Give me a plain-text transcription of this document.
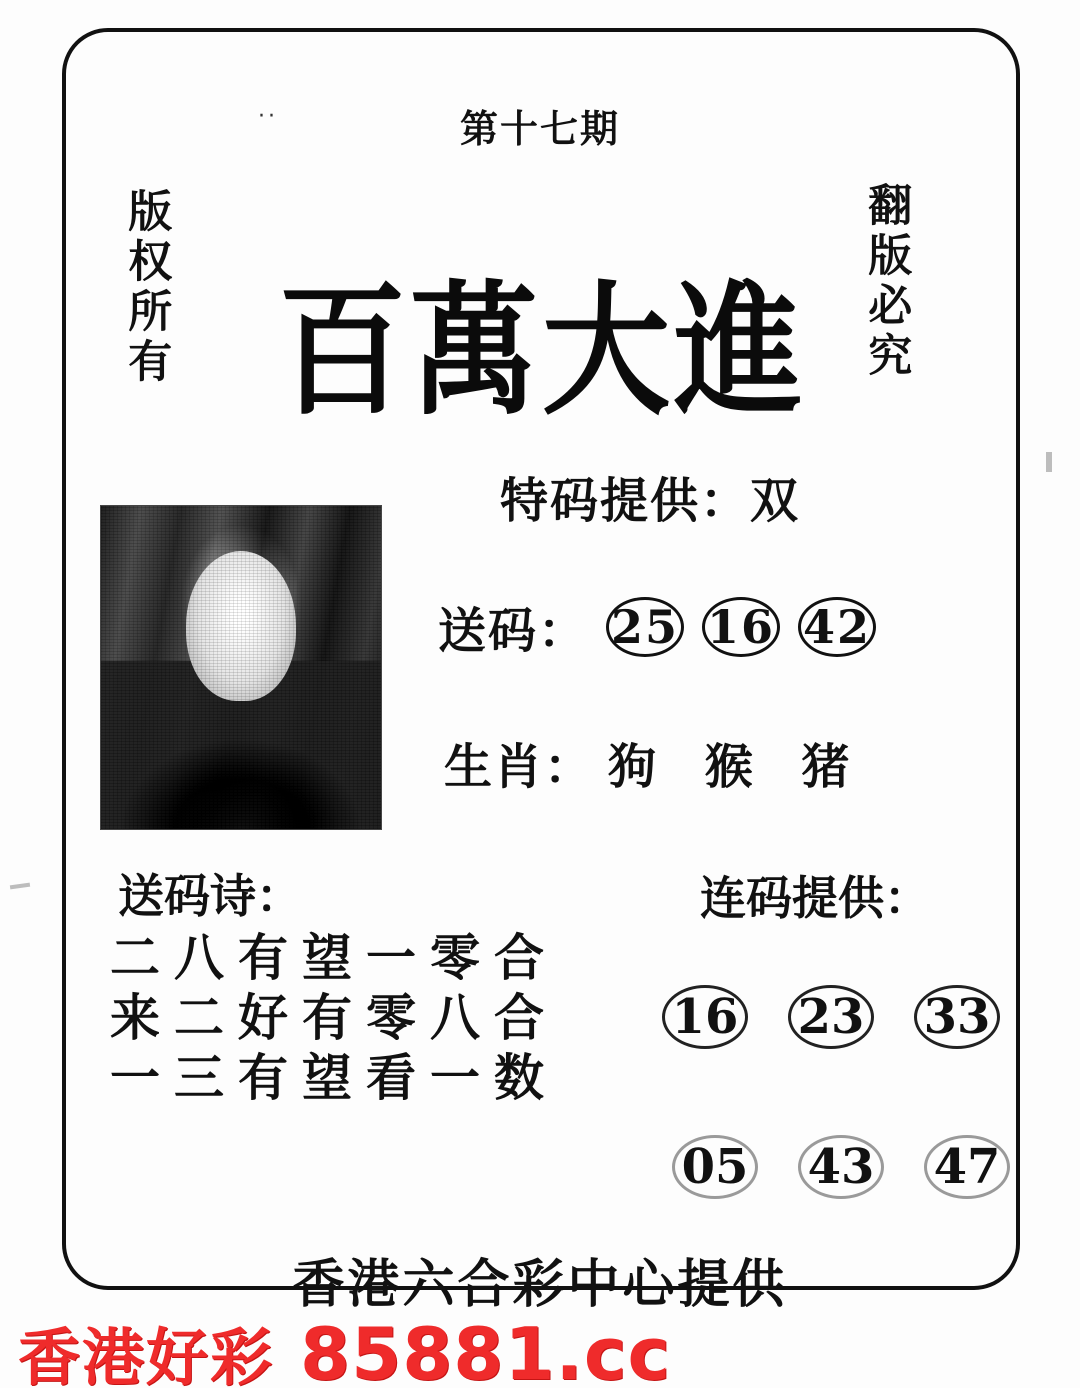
··	第十七期
版权所有	翻版必究
百萬大進
特码提供：双
送码： 25 16 42
生肖： 狗 猴 猪
送码诗：
二八有望一零合
来二好有零八合
一三有望看一数
连码提供：
16 23 33
05 43 47
香港六合彩中心提供
香港好彩 85881.cc
